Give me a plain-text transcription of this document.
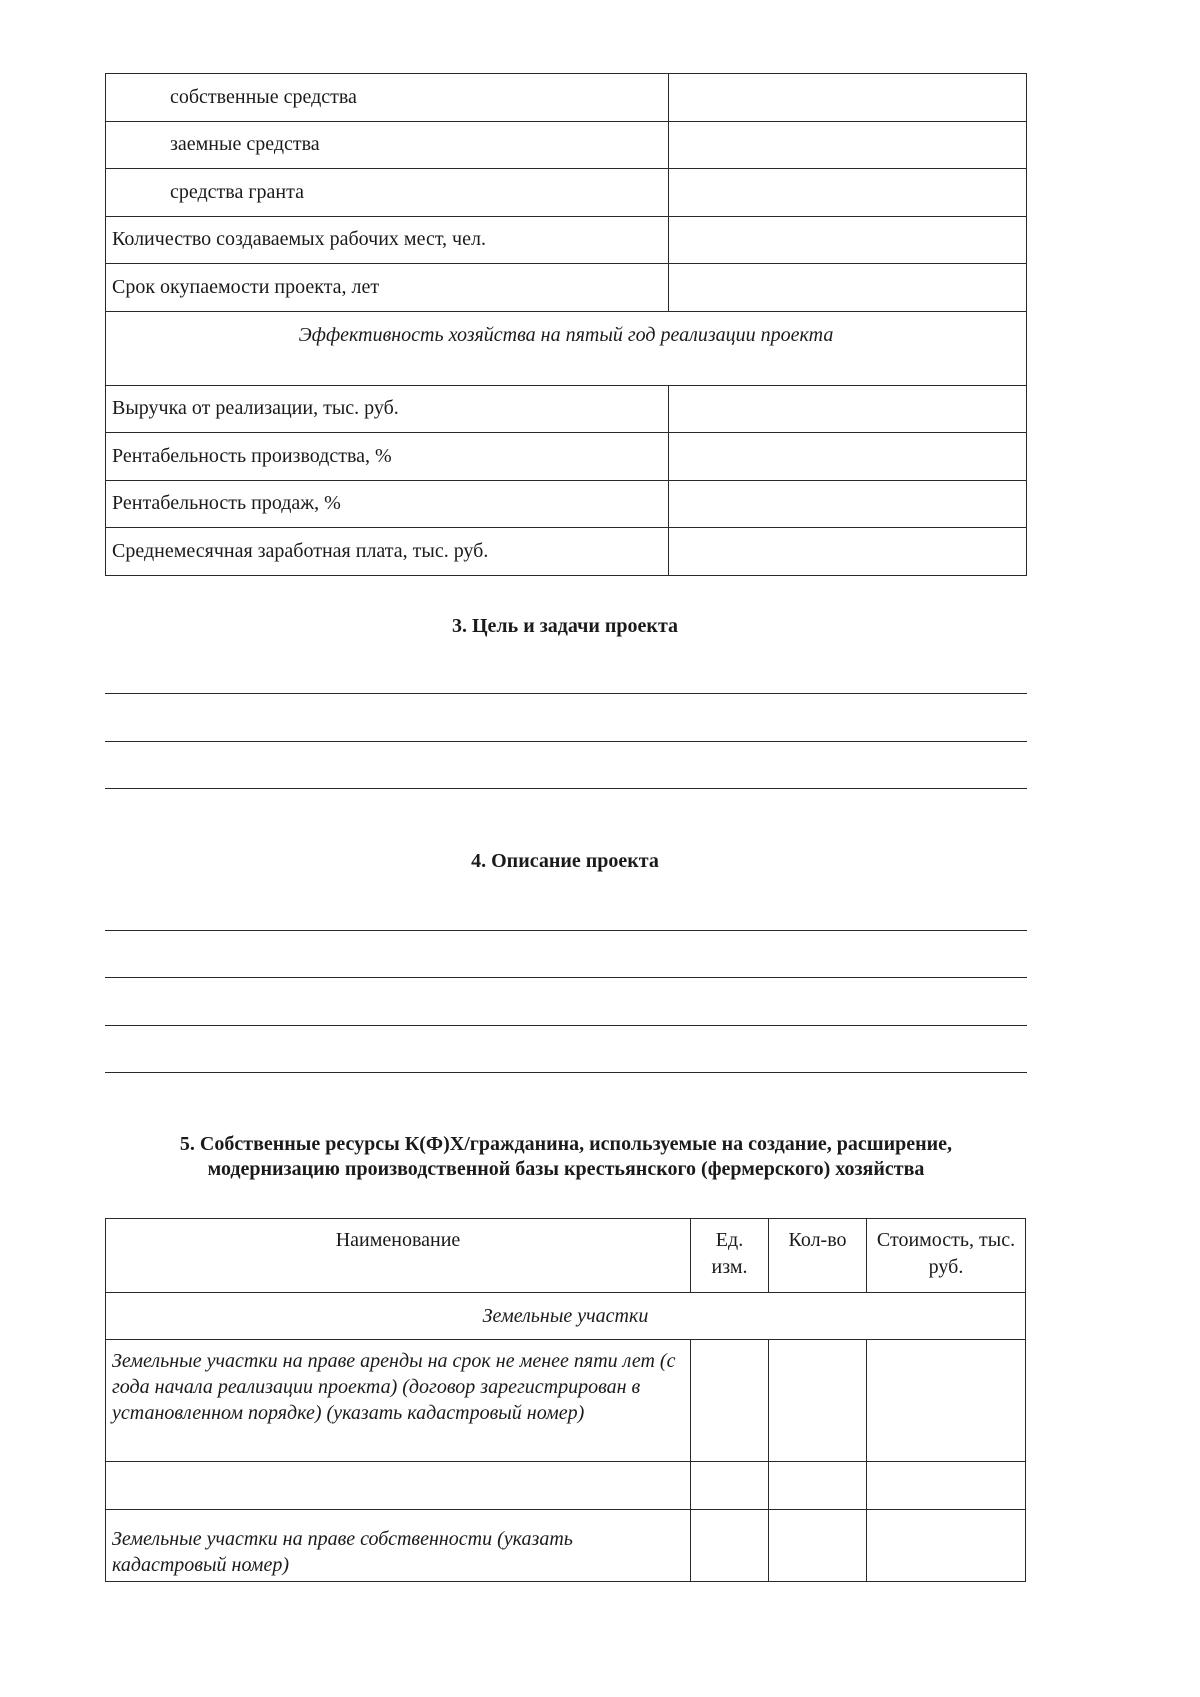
собственные средства	
заемные средства	
средства гранта	
Количество создаваемых рабочих мест, чел.	
Срок окупаемости проекта, лет	
Эффективность хозяйства на пятый год реализации проекта	
Выручка от реализации, тыс. руб.	
Рентабельность производства, %	
Рентабельность продаж, %	
Среднемесячная заработная плата, тыс. руб.	
3. Цель и задачи проекта
4. Описание проекта
5. Собственные ресурсы К(Ф)Х/гражданина, используемые на создание, расширение,
модернизацию производственной базы крестьянского (фермерского) хозяйства
Наименование	Ед. изм.	Кол-во	Стоимость, тыс. руб.
Земельные участки			
Земельные участки на праве аренды на срок не менее пяти лет (с года начала реализации проекта) (договор зарегистрирован в установленном порядке) (указать кадастровый номер)			

Земельные участки на праве собственности (указать кадастровый номер)			
